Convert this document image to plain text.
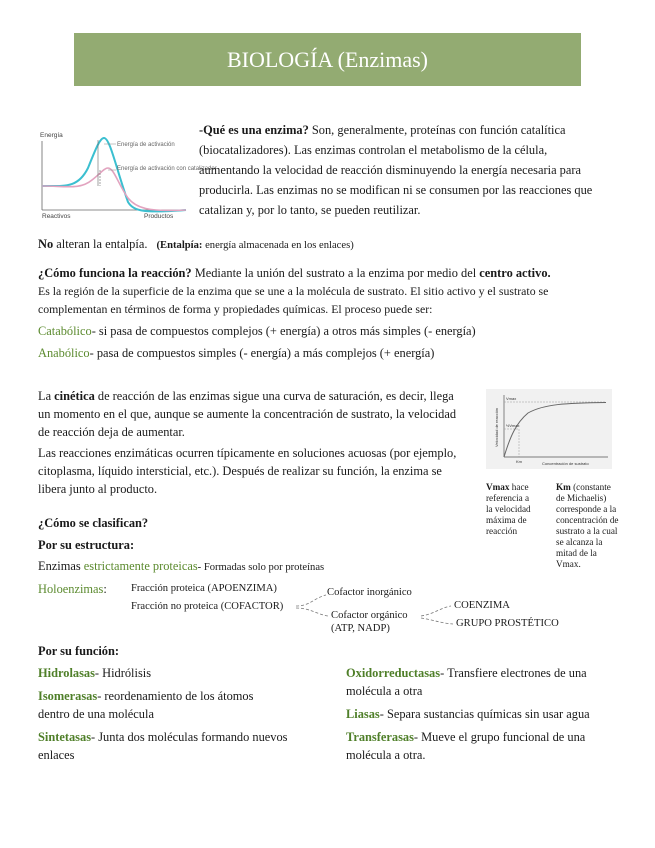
BIOLOGÍA (Enzimas)
Energía
Energía de activación
Energía de activación con catalizador
Reactivos	Productos
-Qué es una enzima? Son, generalmente, proteínas con función catalítica
(biocatalizadores). Las enzimas controlan el metabolismo de la célula,
aumentando la velocidad de reacción disminuyendo la energía necesaria para
producirla. Las enzimas no se modifican ni se consumen por las reacciones que
catalizan y, por lo tanto, se pueden reutilizar.
No alteran la entalpía. (Entalpía: energía almacenada en los enlaces)
¿Cómo funciona la reacción? Mediante la unión del sustrato a la enzima por medio del centro activo.
Es la región de la superficie de la enzima que se une a la molécula de sustrato. El sitio activo y el sustrato se
complementan en términos de forma y propiedades químicas. El proceso puede ser:
Catabólico- si pasa de compuestos complejos (+ energía) a otros más simples (- energía)
Anabólico- pasa de compuestos simples (- energía) a más complejos (+ energía)
La cinética de reacción de las enzimas sigue una curva de saturación, es decir, llega
un momento en el que, aunque se aumente la concentración de sustrato, la velocidad
de reacción deja de aumentar.
Las reacciones enzimáticas ocurren típicamente en soluciones acuosas (por ejemplo,
citoplasma, líquido intersticial, etc.). Después de realizar su función, la enzima se
libera junto al producto.
Vmax
½Vmax
Km	Concentración de sustrato
Velocidad de reacción
Vmax hace
referencia a
la velocidad
máxima de
reacción
Km (constante
de Michaelis)
corresponde a la
concentración de
sustrato a la cual
se alcanza la
mitad de la
Vmax.
¿Cómo se clasifican?
Por su estructura:
Enzimas estrictamente proteicas- Formadas solo por proteínas
Holoenzimas: Fracción proteica (APOENZIMA)
Fracción no proteica (COFACTOR)
Cofactor inorgánico
Cofactor orgánico
(ATP, NADP)
COENZIMA
GRUPO PROSTÉTICO
Por su función:
Hidrolasas- Hidrólisis
Isomerasas- reordenamiento de los átomos
dentro de una molécula
Sintetasas- Junta dos moléculas formando nuevos
enlaces
Oxidorreductasas- Transfiere electrones de una
molécula a otra
Liasas- Separa sustancias químicas sin usar agua
Transferasas- Mueve el grupo funcional de una
molécula a otra.
